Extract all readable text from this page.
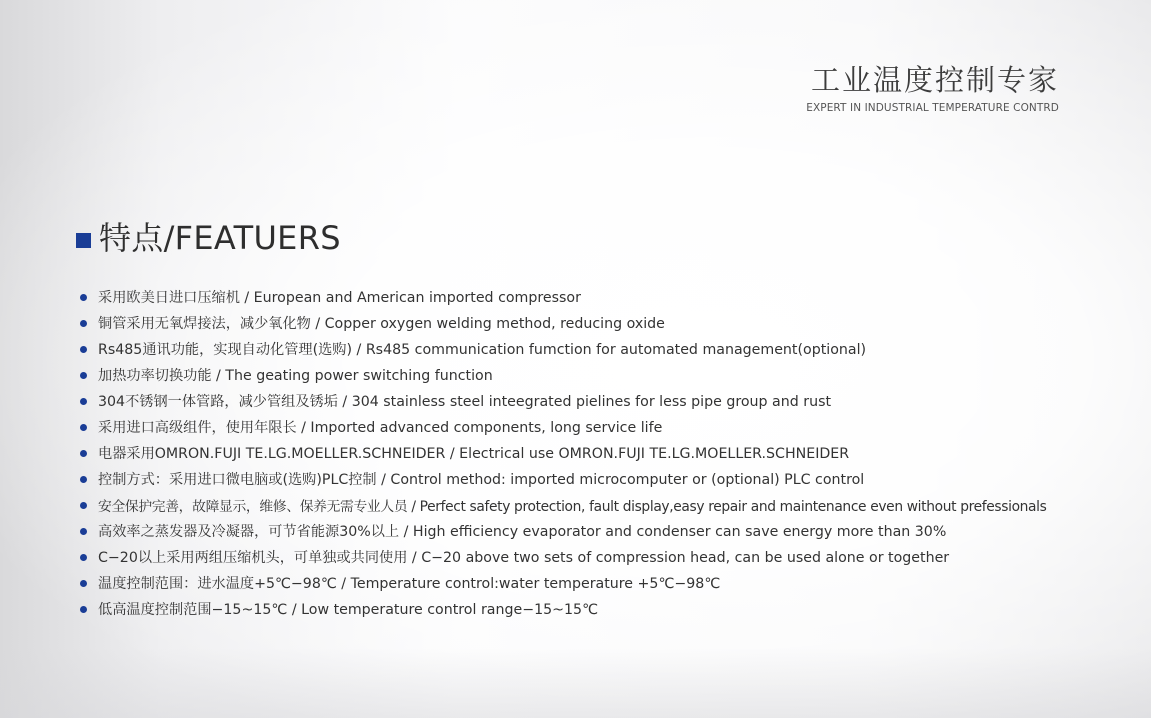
工业温度控制专家
EXPERT IN INDUSTRIAL TEMPERATURE CONTRD
特点/FEATUERS
采用欧美日进口压缩机 / European and American imported compressor
铜管采用无氧焊接法，减少氧化物 / Copper oxygen welding method, reducing oxide
Rs485通讯功能，实现自动化管理(选购) / Rs485 communication fumction for automated management(optional)
加热功率切换功能 / The geating power switching function
304不锈钢一体管路，减少管组及锈垢 / 304 stainless steel inteegrated pielines for less pipe group and rust
采用进口高级组件，使用年限长 / Imported advanced components, long service life
电器采用OMRON.FUJI TE.LG.MOELLER.SCHNEIDER / Electrical use OMRON.FUJI TE.LG.MOELLER.SCHNEIDER
控制方式：采用进口微电脑或(选购)PLC控制 / Control method: imported microcomputer or (optional) PLC control
安全保护完善，故障显示，维修、保养无需专业人员 / Perfect safety protection, fault display,easy repair and maintenance even without prefessionals
高效率之蒸发器及冷凝器，可节省能源30%以上 / High efficiency evaporator and condenser can save energy more than 30%
C−20以上采用两组压缩机头，可单独或共同使用 / C−20 above two sets of compression head, can be used alone or together
温度控制范围：进水温度+5℃−98℃ / Temperature control:water temperature +5℃−98℃
低高温度控制范围−15~15℃ / Low temperature control range−15~15℃
